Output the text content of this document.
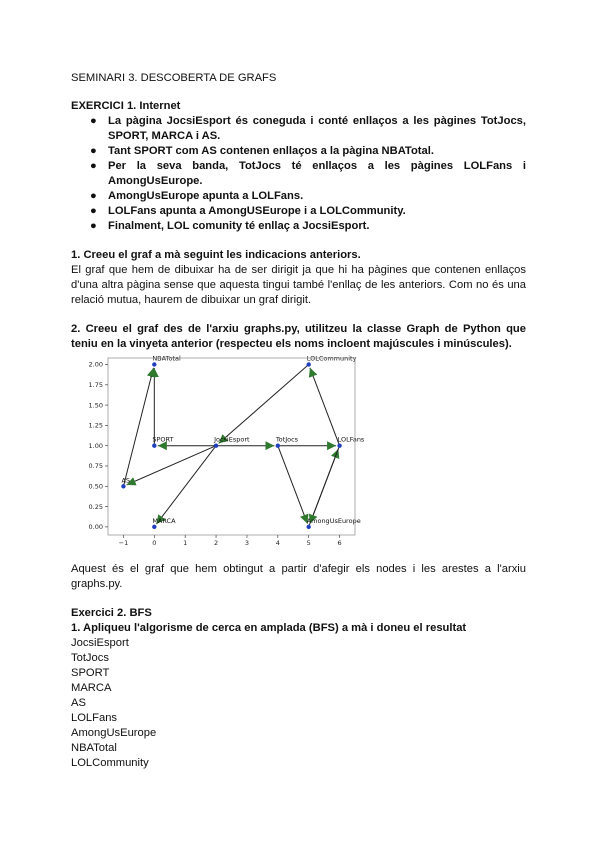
SEMINARI 3. DESCOBERTA DE GRAFS
EXERCICI 1. Internet
● La pàgina JocsiEsport és coneguda i conté enllaços a les pàgines TotJocs, SPORT, MARCA i AS.
● Tant SPORT com AS contenen enllaços a la pàgina NBATotal.
● Per la seva banda, TotJocs té enllaços a les pàgines LOLFans i AmongUsEurope.
● AmongUsEurope apunta a LOLFans.
● LOLFans apunta a AmongUSEurope i a LOLCommunity.
● Finalment, LOL comunity té enllaç a JocsiEsport.
1. Creeu el graf a mà seguint les indicacions anteriors.
El graf que hem de dibuixar ha de ser dirigit ja que hi ha pàgines que contenen enllaços d'una altra pàgina sense que aquesta tingui també l'enllaç de les anteriors. Com no és una relació mutua, haurem de dibuixar un graf dirigit.
2. Creeu el graf des de l'arxiu graphs.py, utilitzeu la classe Graph de Python que teniu en la vinyeta anterior (respecteu els noms incloent majúscules i minúscules).
JocsiEsport	TotJocs
SPORT
MARCA
AS
NBATotal
LOLFans
AmongUsEurope
LOLCommunity
−1	0	1	2	3	4	5	6
0.00
0.25
0.50
0.75
1.00
1.25
1.50
1.75
2.00
Aquest és el graf que hem obtingut a partir d'afegir els nodes i les arestes a l'arxiu graphs.py.
Exercici 2. BFS
1. Apliqueu l'algorisme de cerca en amplada (BFS) a mà i doneu el resultat
JocsiEsport
TotJocs
SPORT
MARCA
AS
LOLFans
AmongUsEurope
NBATotal
LOLCommunity
